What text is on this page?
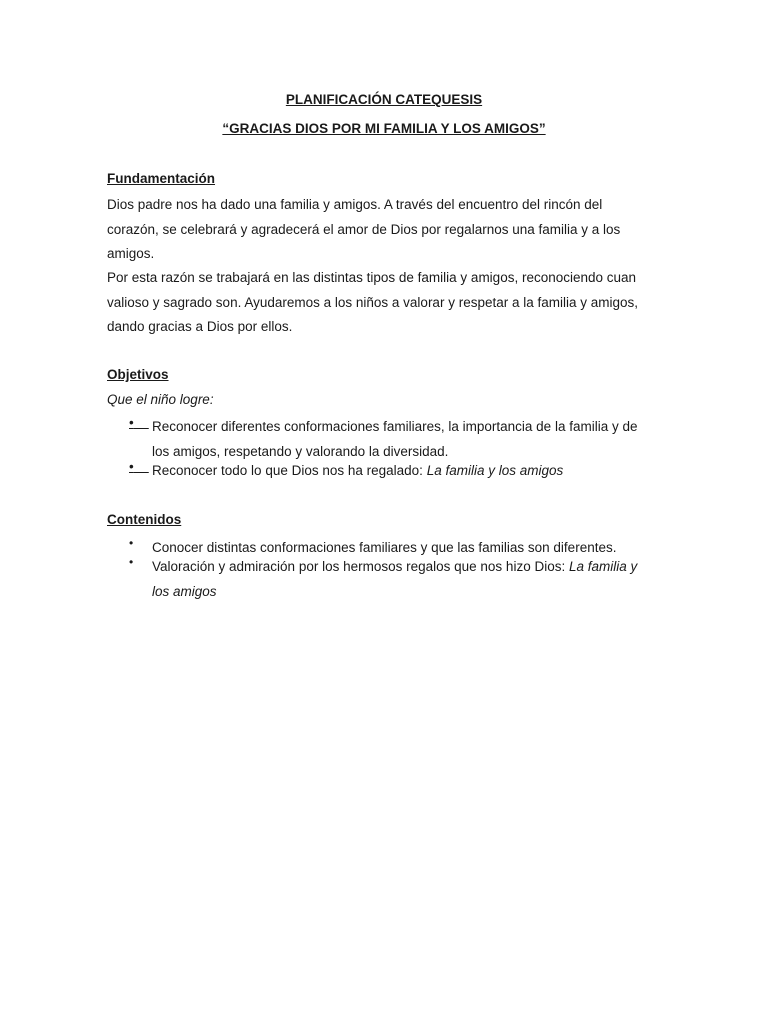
PLANIFICACIÓN CATEQUESIS
“GRACIAS DIOS POR MI FAMILIA Y LOS AMIGOS”
Fundamentación
Dios padre nos ha dado una familia y amigos. A través del encuentro del rincón del
corazón, se celebrará y agradecerá el amor de Dios por regalarnos una familia y a los

amigos.
Por esta razón se trabajará en las distintas tipos de familia y amigos, reconociendo cuan
valioso y sagrado son. Ayudaremos a los niños a valorar y respetar a la familia y amigos,

dando gracias a Dios por ellos.
Objetivos
Que el niño logre:
•	Reconocer diferentes conformaciones familiares, la importancia de la familia y de

los amigos, respetando y valorando la diversidad.
•	Reconocer todo lo que Dios nos ha regalado: La familia y los amigos
Contenidos
• Conocer distintas conformaciones familiares y que las familias son diferentes.
• Valoración y admiración por los hermosos regalos que nos hizo Dios: La familia y

los amigos
